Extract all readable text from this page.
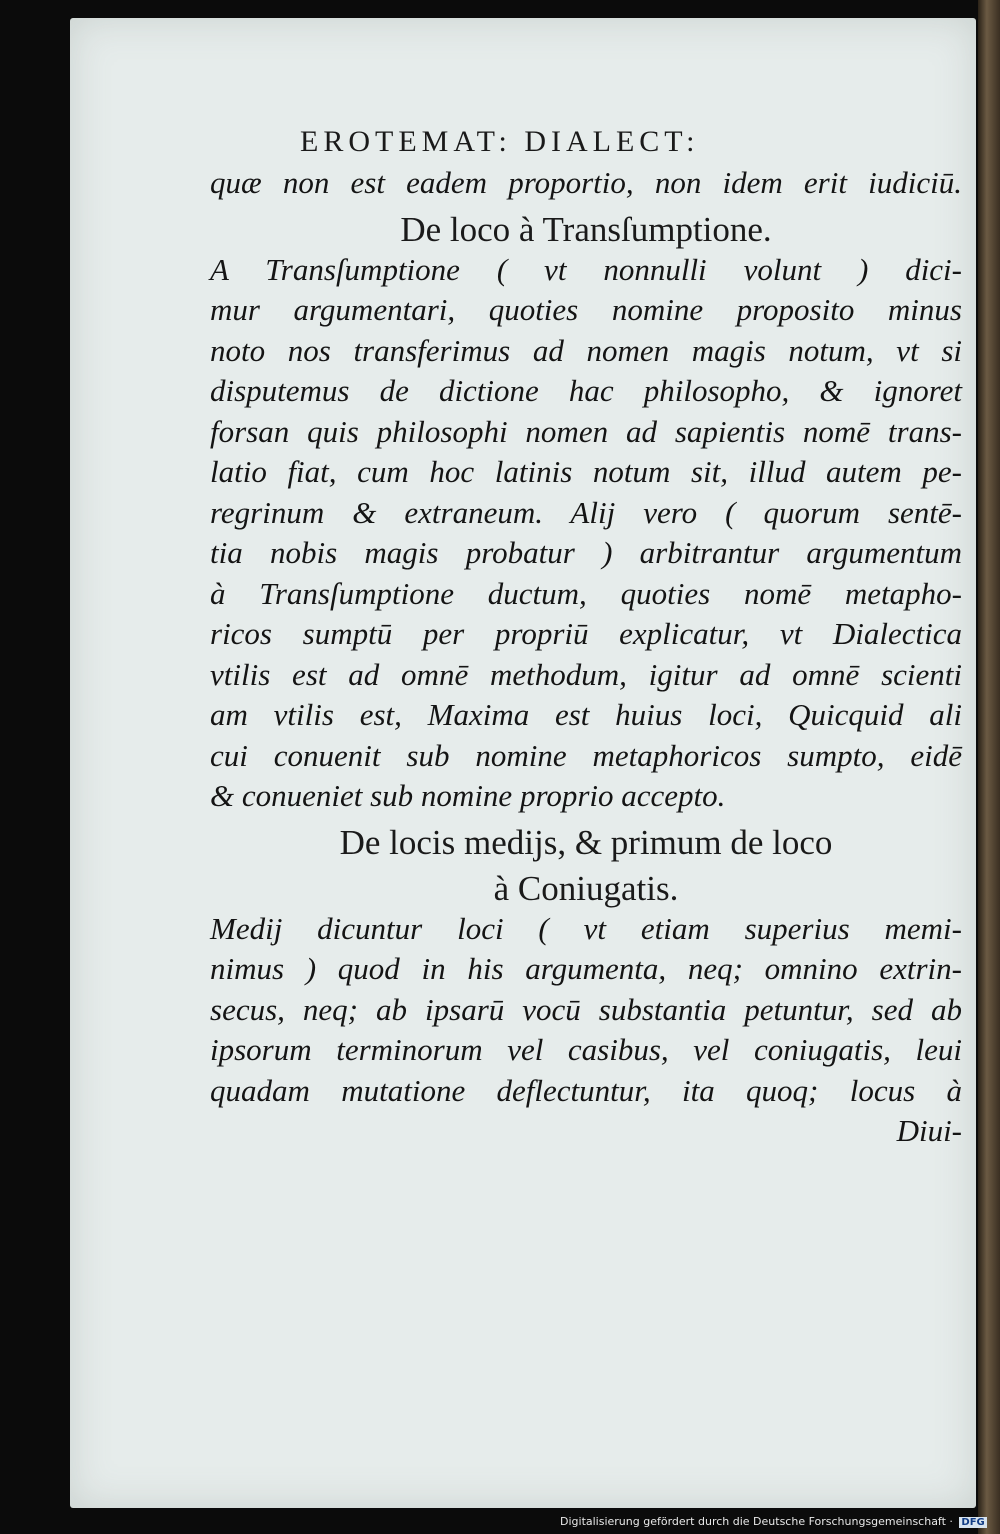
EROTEMAT: DIALECT:
quæ non est eadem proportio, non idem erit iudiciū.
De loco à Transſumptione.
A Transſumptione ( vt nonnulli volunt ) dici-
mur argumentari, quoties nomine proposito minus
noto nos transferimus ad nomen magis notum, vt si
disputemus de dictione hac philosopho, & ignoret
forsan quis philosophi nomen ad sapientis nomē trans-
latio fiat, cum hoc latinis notum sit, illud autem pe-
regrinum & extraneum. Alij vero ( quorum sentē-
tia nobis magis probatur ) arbitrantur argumentum
à Transſumptione ductum, quoties nomē metapho-
ricos sumptū per propriū explicatur, vt Dialectica
vtilis est ad omnē methodum, igitur ad omnē scienti
am vtilis est, Maxima est huius loci, Quicquid ali
cui conuenit sub nomine metaphoricos sumpto, eidē
& conueniet sub nomine proprio accepto.
De locis medijs, & primum de loco
à Coniugatis.
Medij dicuntur loci ( vt etiam superius memi-
nimus ) quod in his argumenta, neq; omnino extrin-
secus, neq; ab ipsarū vocū substantia petuntur, sed ab
ipsorum terminorum vel casibus, vel coniugatis, leui
quadam mutatione deflectuntur, ita quoq; locus à
Diui-
Digitalisierung gefördert durch die Deutsche Forschungsgemeinschaft · DFG
